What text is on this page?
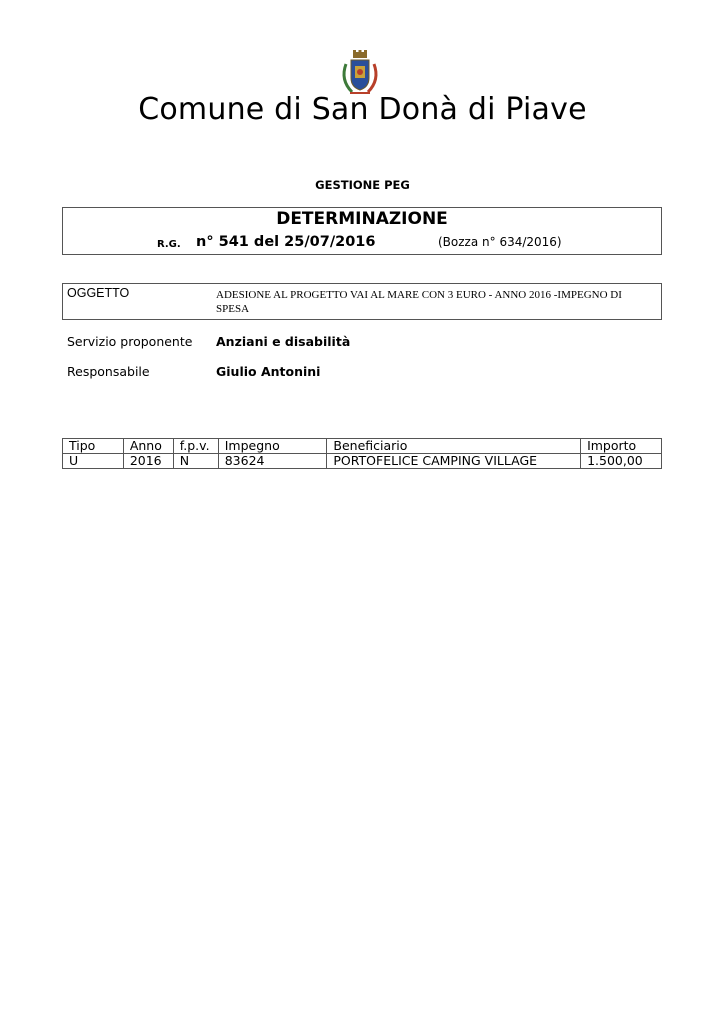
Comune di San Donà di Piave
GESTIONE PEG
DETERMINAZIONE
R.G. n° 541 del 25/07/2016	(Bozza n° 634/2016)
OGGETTO	ADESIONE AL PROGETTO VAI AL MARE CON 3 EURO - ANNO 2016 -IMPEGNO DI SPESA
Servizio proponente Anziani e disabilità
Responsabile	Giulio Antonini
Tipo	Anno	f.p.v.	Impegno	Beneficiario	Importo
U	2016	N	83624	PORTOFELICE CAMPING VILLAGE	1.500,00
